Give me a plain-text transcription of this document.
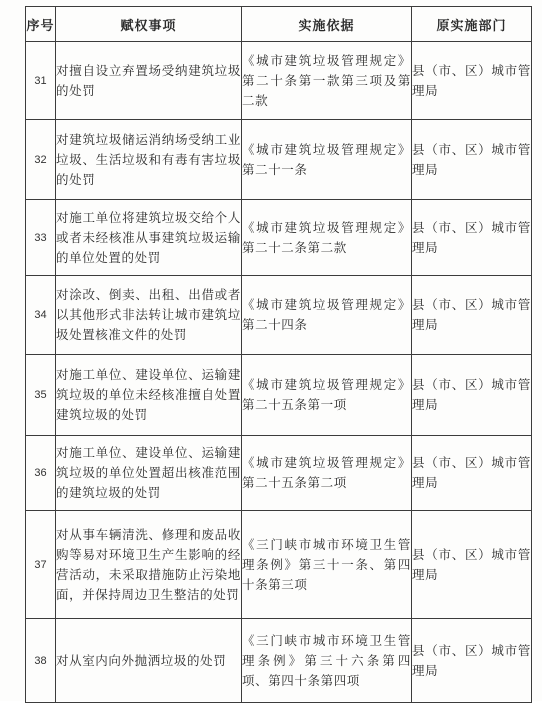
序号	赋权事项	实施依据	原实施部门
31	对擅自设立弃置场受纳建筑垃圾的处罚	《城市建筑垃圾管理规定》第二十条第一款第三项及第二款	县（市、区）城市管理局
32	对建筑垃圾储运消纳场受纳工业垃圾、生活垃圾和有毒有害垃圾的处罚	《城市建筑垃圾管理规定》第二十一条	县（市、区）城市管理局
33	对施工单位将建筑垃圾交给个人或者未经核准从事建筑垃圾运输的单位处置的处罚	《城市建筑垃圾管理规定》第二十二条第二款	县（市、区）城市管理局
34	对涂改、倒卖、出租、出借或者以其他形式非法转让城市建筑垃圾处置核准文件的处罚	《城市建筑垃圾管理规定》第二十四条	县（市、区）城市管理局
35	对施工单位、建设单位、运输建筑垃圾的单位未经核准擅自处置建筑垃圾的处罚	《城市建筑垃圾管理规定》第二十五条第一项	县（市、区）城市管理局
36	对施工单位、建设单位、运输建筑垃圾的单位处置超出核准范围的建筑垃圾的处罚	《城市建筑垃圾管理规定》第二十五条第二项	县（市、区）城市管理局
37	对从事车辆清洗、修理和废品收购等易对环境卫生产生影响的经营活动，未采取措施防止污染地面，并保持周边卫生整洁的处罚	《三门峡市城市环境卫生管理条例》第三十一条、第四十条第三项	县（市、区）城市管理局
38	对从室内向外抛洒垃圾的处罚	《三门峡市城市环境卫生管理条例》第三十六条第四项、第四十条第四项	县（市、区）城市管理局
